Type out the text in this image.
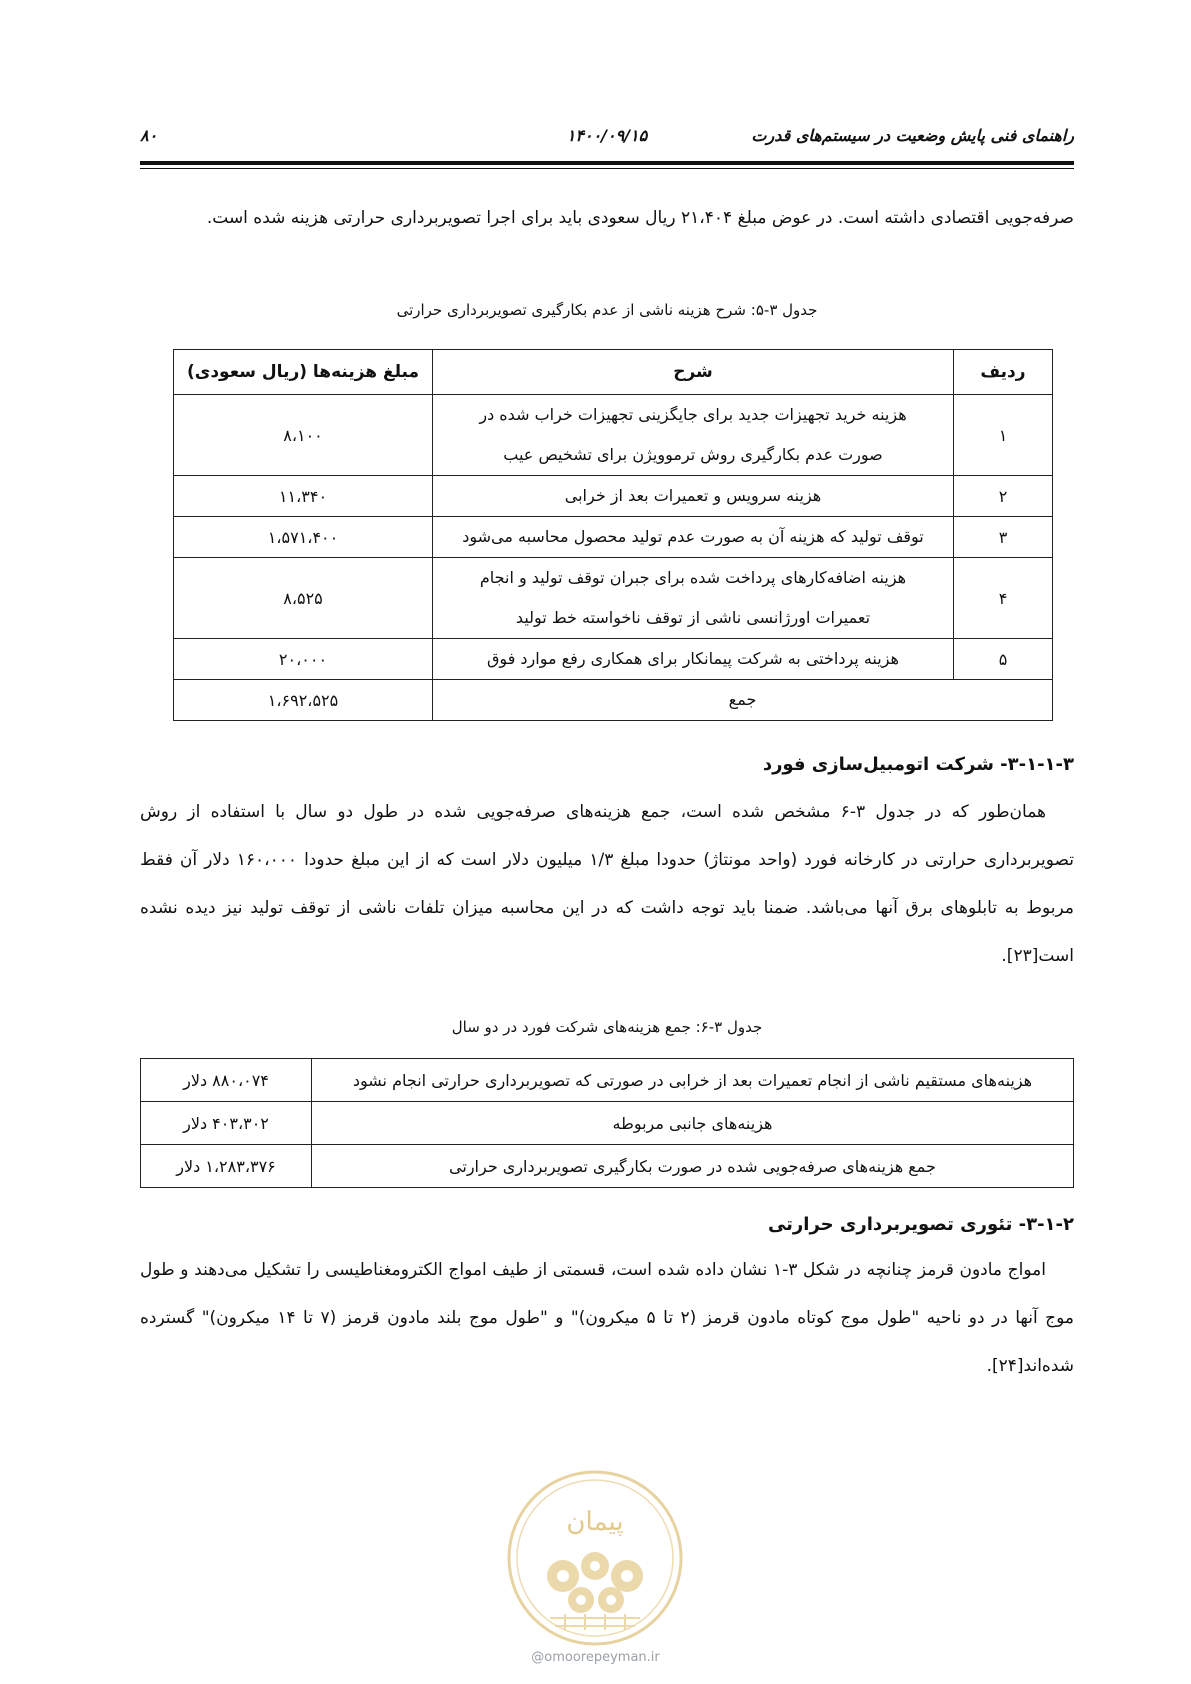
راهنمای فنی پایش وضعیت در سیستم‌های قدرت
۱۴۰۰/۰۹/۱۵
۸۰

صرفه‌جویی اقتصادی داشته است. در عوض مبلغ ۲۱،۴۰۴ ریال سعودی باید برای اجرا تصویربرداری حرارتی هزینه شده است.

جدول ۳-۵: شرح هزینه ناشی از عدم بکارگیری تصویربرداری حرارتی

ردیف	شرح	مبلغ هزینه‌ها (ریال سعودی)
۱	هزینه خرید تجهیزات جدید برای جایگزینی تجهیزات خراب شده در
صورت عدم بکارگیری روش ترموویژن برای تشخیص عیب	۸،۱۰۰
۲	هزینه سرویس و تعمیرات بعد از خرابی	۱۱،۳۴۰
۳	توقف تولید که هزینه آن به صورت عدم تولید محصول محاسبه می‌شود	۱،۵۷۱،۴۰۰
۴	هزینه اضافه‌کارهای پرداخت شده برای جبران توقف تولید و انجام
تعمیرات اورژانسی ناشی از توقف ناخواسته خط تولید	۸،۵۲۵
۵	هزینه پرداختی به شرکت پیمانکار برای همکاری رفع موارد فوق	۲۰،۰۰۰
جمع		۱،۶۹۲،۵۲۵
۳-۱-۱-۳- شرکت اتومبیل‌سازی فورد

همان‌طور که در جدول ۳-۶ مشخص شده است، جمع هزینه‌های صرفه‌جویی شده در طول دو سال با استفاده از روش تصویربرداری حرارتی در کارخانه فورد (واحد مونتاژ) حدودا مبلغ ۱/۳ میلیون دلار است که از این مبلغ حدودا ۱۶۰،۰۰۰ دلار آن فقط مربوط به تابلوهای برق آنها می‌باشد. ضمنا باید توجه داشت که در این محاسبه میزان تلفات ناشی از توقف تولید نیز دیده نشده است[۲۳].

جدول ۳-۶: جمع هزینه‌های شرکت فورد در دو سال

هزینه‌های مستقیم ناشی از انجام تعمیرات بعد از خرابی در صورتی که تصویربرداری حرارتی انجام نشود	۸۸۰،۰۷۴ دلار
هزینه‌های جانبی مربوطه	۴۰۳،۳۰۲ دلار
جمع هزینه‌های صرفه‌جویی شده در صورت بکارگیری تصویربرداری حرارتی	۱،۲۸۳،۳۷۶ دلار
۳-۱-۲- تئوری تصویربرداری حرارتی

امواج مادون قرمز چنانچه در شکل ۳-۱ نشان داده شده است، قسمتی از طیف امواج الکترومغناطیسی را تشکیل می‌دهند و طول موج آنها در دو ناحیه "طول موج کوتاه مادون قرمز (۲ تا ۵ میکرون)" و "طول موج بلند مادون قرمز (۷ تا ۱۴ میکرون)" گسترده شده‌اند[۲۴].

پیمان
@omoorepeyman.ir
